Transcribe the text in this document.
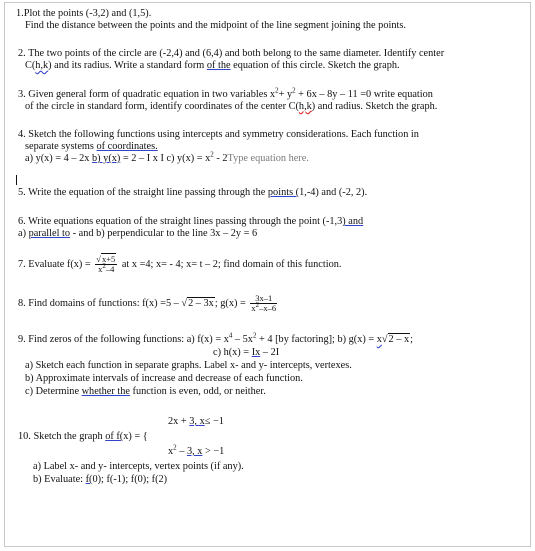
1.Plot the points (-3,2) and (1,5).
Find the distance between the points and the midpoint of the line segment joining the points.
2. The two points of the circle are (-2,4) and (6,4) and both belong to the same diameter. Identify center
C(h,k) and its radius. Write a standard form of the equation of this circle. Sketch the graph.
3. Given general form of quadratic equation in two variables $x^2+ y^2 + 6x - 8y - 11 =0$ write equation
of the circle in standard form, identify coordinates of the center C(h,k) and radius. Sketch the graph.
4. Sketch the following functions using intercepts and symmetry considerations. Each function in
separate systems of coordinates.
a) y(x) = 4 – 2x b) y(x) = 2 – I x I c) $y(x) = x^2$ - 2Type equation here.
5. Write the equation of the straight line passing through the points (1,-4) and (-2, 2).
6. Write equations equation of the straight lines passing through the point (-1,3) and
a) parallel to - and b) perpendicular to the line 3x – 2y = 6
7. Evaluate $f(x) = \frac{√x+5}{x^2-4}$ at x =4; x= - 4; x= t – 2; find domain of this function.
8. Find domains of functions: f(x) =5 – √2 – 3x; $g(x) = \frac{3x-1}{x^2-x-6}$
9. Find zeros of the following functions: a) $f(x) = x^4 - 5x^2 + 4$ [by factoring]; b) g(x) = x√2 – x;
c) h(x) = Ix – 2I
a) Sketch each function in separate graphs. Label x- and y- intercepts, vertexes.
b) Approximate intervals of increase and decrease of each function.
c) Determine whether the function is even, odd, or neither.
2x + 3, x≤ −1
10. Sketch the graph of f(x) = {
$x^2 - 3$, x > −1
a) Label x- and y- intercepts, vertex points (if any).
b) Evaluate: f(0); f(-1); f(0); f(2)
